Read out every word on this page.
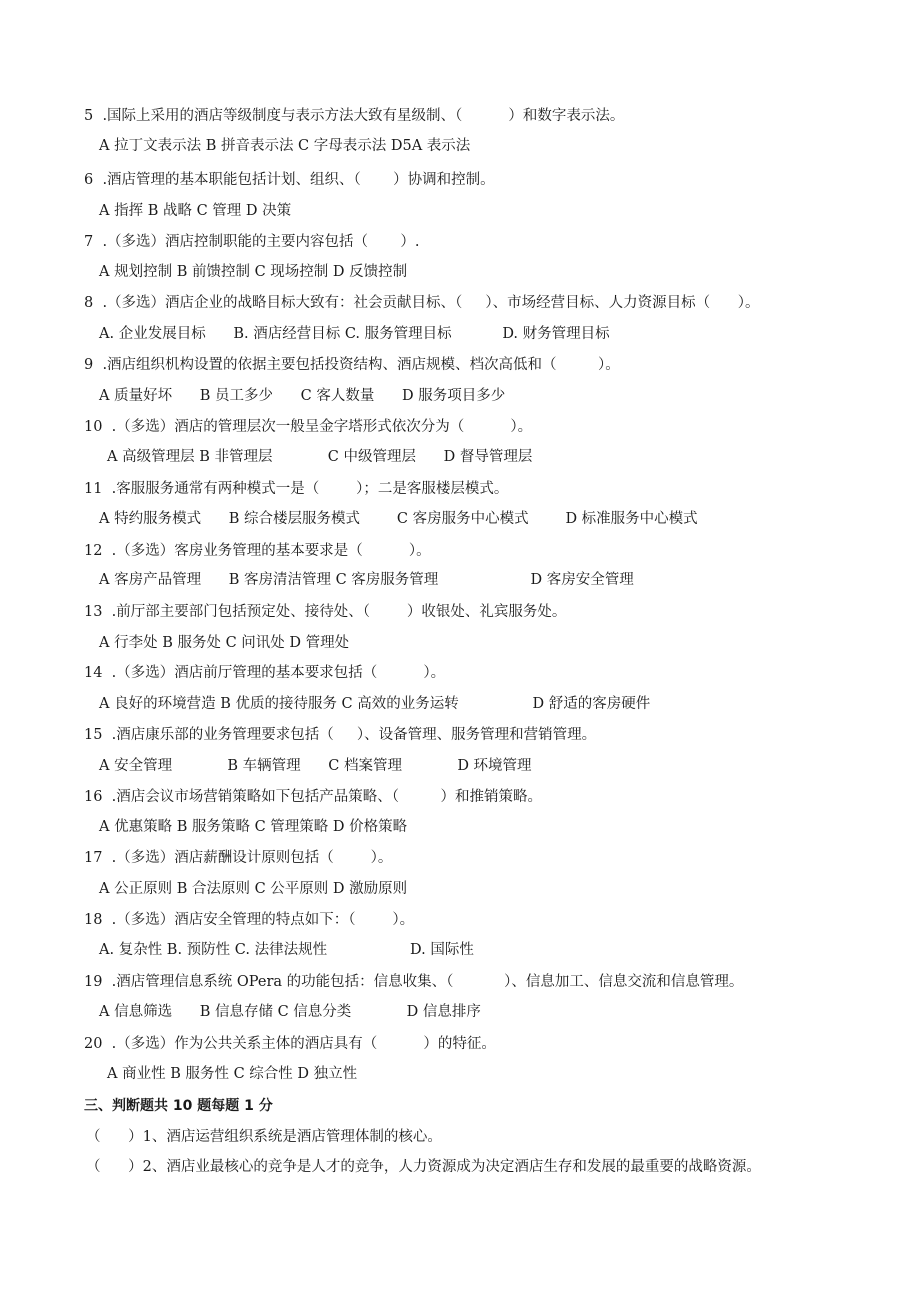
5  .国际上采用的酒店等级制度与表示方法大致有星级制、（          ）和数字表示法。
A 拉丁文表示法 B 拼音表示法 C 字母表示法 D5A 表示法
6  .酒店管理的基本职能包括计划、组织、（       ）协调和控制。
A 指挥 B 战略 C 管理 D 决策
7  .（多选）酒店控制职能的主要内容包括（       ）.
A 规划控制 B 前馈控制 C 现场控制 D 反馈控制
8  .（多选）酒店企业的战略目标大致有：社会贡献目标、（     ）、市场经营目标、人力资源目标（      ）。
A. 企业发展目标      B. 酒店经营目标 C. 服务管理目标           D. 财务管理目标
9  .酒店组织机构设置的依据主要包括投资结构、酒店规模、档次高低和（         ）。
A 质量好坏      B 员工多少      C 客人数量      D 服务项目多少
10  .（多选）酒店的管理层次一般呈金字塔形式依次分为（          ）。
A 高级管理层 B 非管理层            C 中级管理层      D 督导管理层
11  .客服服务通常有两种模式一是（        ）；二是客服楼层模式。
A 特约服务模式      B 综合楼层服务模式        C 客房服务中心模式        D 标准服务中心模式
12  .（多选）客房业务管理的基本要求是（          ）。
A 客房产品管理      B 客房清洁管理 C 客房服务管理                    D 客房安全管理
13  .前厅部主要部门包括预定处、接待处、（        ）收银处、礼宾服务处。
A 行李处 B 服务处 C 问讯处 D 管理处
14  .（多选）酒店前厅管理的基本要求包括（          ）。
A 良好的环境营造 B 优质的接待服务 C 高效的业务运转                D 舒适的客房硬件
15  .酒店康乐部的业务管理要求包括（     ）、设备管理、服务管理和营销管理。
A 安全管理            B 车辆管理      C 档案管理            D 环境管理
16  .酒店会议市场营销策略如下包括产品策略、（         ）和推销策略。
A 优惠策略 B 服务策略 C 管理策略 D 价格策略
17  .（多选）酒店薪酬设计原则包括（        ）。
A 公正原则 B 合法原则 C 公平原则 D 激励原则
18  .（多选）酒店安全管理的特点如下：（        ）。
A. 复杂性 B. 预防性 C. 法律法规性                  D. 国际性
19  .酒店管理信息系统 OPera 的功能包括：信息收集、（           ）、信息加工、信息交流和信息管理。
A 信息筛选      B 信息存储 C 信息分类            D 信息排序
20  .（多选）作为公共关系主体的酒店具有（          ）的特征。
A 商业性 B 服务性 C 综合性 D 独立性
三、判断题共 10 题每题 1 分
（      ）1、酒店运营组织系统是酒店管理体制的核心。
（      ）2、酒店业最核心的竞争是人才的竞争，人力资源成为决定酒店生存和发展的最重要的战略资源。
